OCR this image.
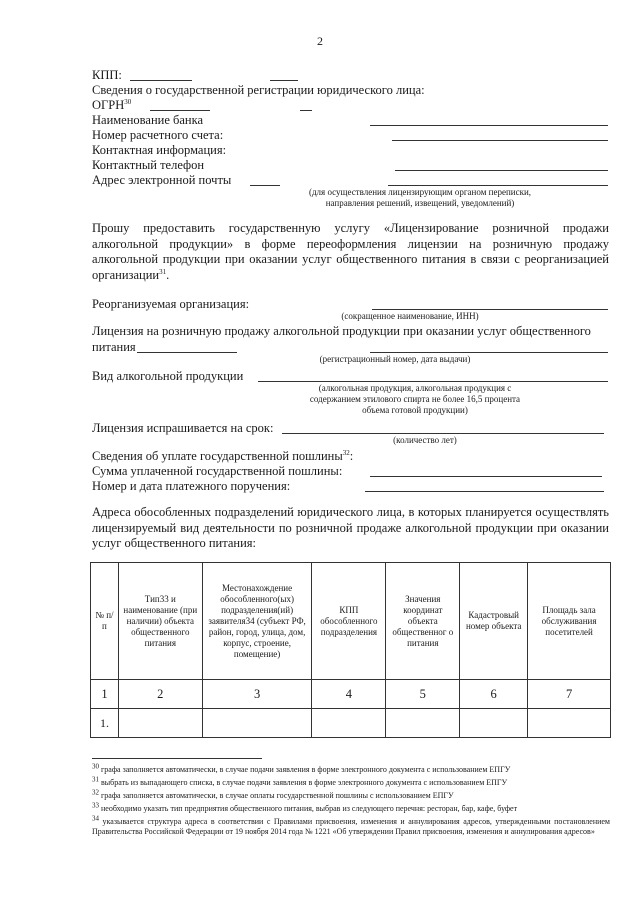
2
КПП:
Сведения о государственной регистрации юридического лица:
ОГРН$^{30}$
Наименование банка
Номер расчетного счета:
Контактная информация:
Контактный телефон
Адрес электронной почты
(для осуществления лицензирующим органом переписки,
направления решений, извещений, уведомлений)
Прошу предоставить государственную услугу «Лицензирование розничной продажи алкогольной продукции» в форме переоформления лицензии на розничную продажу алкогольной продукции при оказании услуг общественного питания в связи с реорганизацией организации$^{31}$.
Реорганизуемая организация:
(сокращенное наименование, ИНН)
Лицензия на розничную продажу алкогольной продукции при оказании услуг общественного
питания
(регистрационный номер, дата выдачи)
Вид алкогольной продукции
(алкогольная продукция, алкогольная продукция с
содержанием этилового спирта не более 16,5 процента
объема готовой продукции)
Лицензия испрашивается на срок:
(количество лет)
Сведения об уплате государственной пошлины$^{32}$:
Сумма уплаченной государственной пошлины:
Номер и дата платежного поручения:
Адреса обособленных подразделений юридического лица, в которых планируется осуществлять лицензируемый вид деятельности по розничной продаже алкогольной продукции при оказании услуг общественного питания:
№ п/п	Тип33 и наименование (при наличии) объекта общественного питания	Местонахождение обособленного(ых) подразделения(ий) заявителя34 (субъект РФ, район, город, улица, дом, корпус, строение, помещение)	КПП обособленного подразделения	Значения координат объекта общественног о питания	Кадастровый номер объекта	Площадь зала обслуживания посетителей
1	2	3	4	5	6	7
1.						
$^{30}$ графа заполняется автоматически, в случае подачи заявления в форме электронного документа с использованием ЕПГУ
$^{31}$ выбрать из выпадающего списка, в случае подачи заявления в форме электронного документа с использованием ЕПГУ
$^{32}$ графа заполняется автоматически, в случае оплаты государственной пошлины с использованием ЕПГУ
$^{33}$ необходимо указать тип предприятия общественного питания, выбрав из следующего перечня: ресторан, бар, кафе, буфет
$^{34}$ указывается структура адреса в соответствии с Правилами присвоения, изменения и аннулирования адресов, утвержденными постановлением Правительства Российской Федерации от 19 ноября 2014 года № 1221 «Об утверждении Правил присвоения, изменения и аннулирования адресов»
